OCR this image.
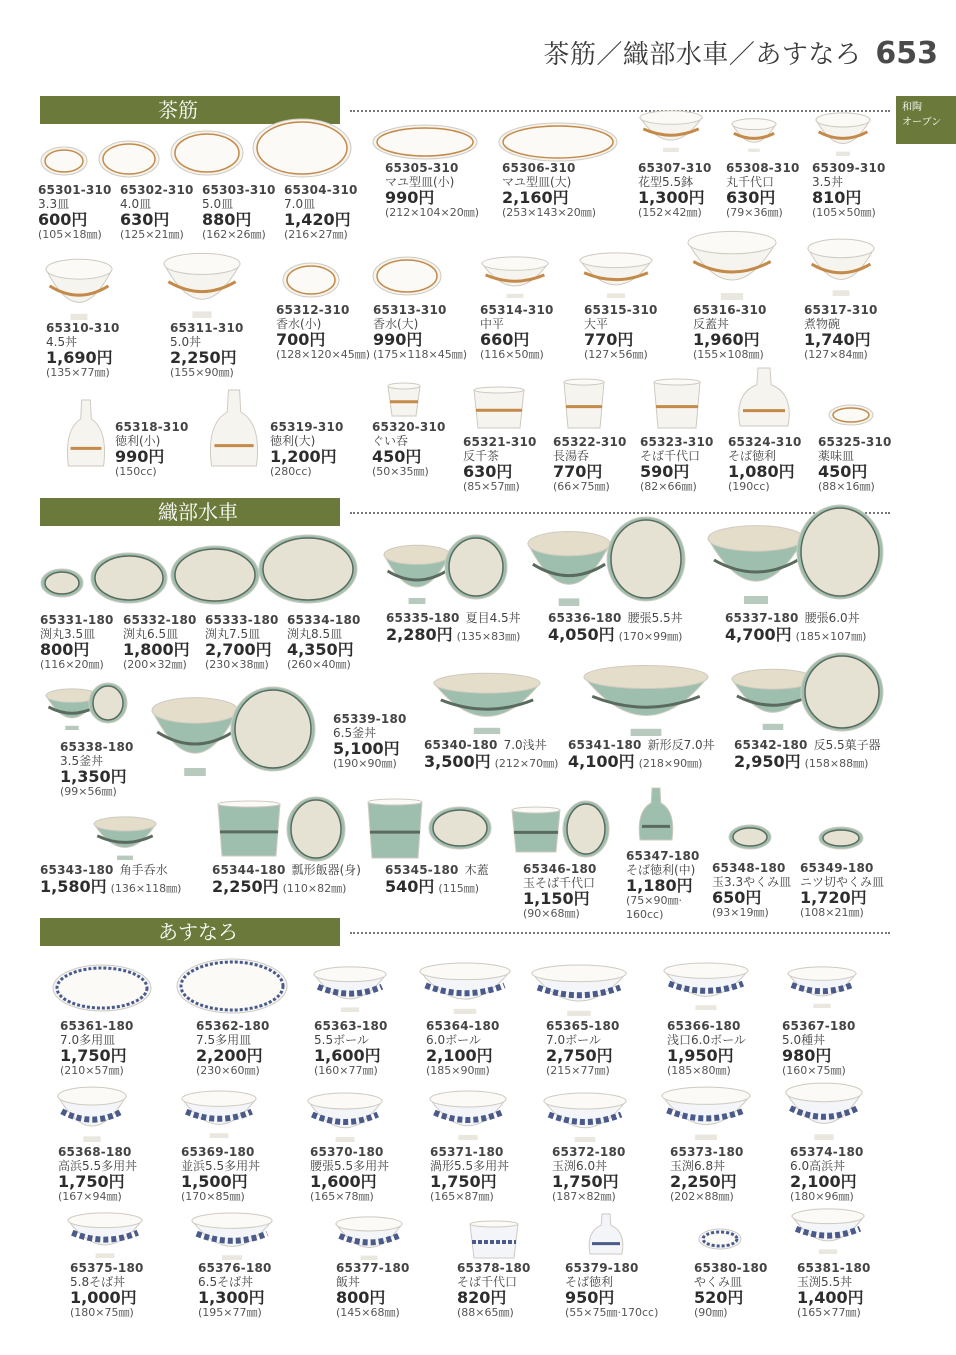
茶筋／織部水車／あすなろ 653
和陶
オーブン
茶筋
織部水車
あすなろ
65301-310
3.3皿
600円
(105×18㎜)
65302-310
4.0皿
630円
(125×21㎜)
65303-310
5.0皿
880円
(162×26㎜)
65304-310
7.0皿
1,420円
(216×27㎜)
65305-310
マユ型皿(小)
990円
(212×104×20㎜)
65306-310
マユ型皿(大)
2,160円
(253×143×20㎜)
65307-310
花型5.5鉢
1,300円
(152×42㎜)
65308-310
丸千代口
630円
(79×36㎜)
65309-310
3.5丼
810円
(105×50㎜)
65310-310
4.5丼
1,690円
(135×77㎜)
65311-310
5.0丼
2,250円
(155×90㎜)
65312-310
香水(小)
700円
(128×120×45㎜)
65313-310
香水(大)
990円
(175×118×45㎜)
65314-310
中平
660円
(116×50㎜)
65315-310
大平
770円
(127×56㎜)
65316-310
反蓋丼
1,960円
(155×108㎜)
65317-310
煮物碗
1,740円
(127×84㎜)
65318-310
徳利(小)
990円
(150cc)
65319-310
徳利(大)
1,200円
(280cc)
65320-310
ぐい呑
450円
(50×35㎜)
65321-310
反千茶
630円
(85×57㎜)
65322-310
長湯呑
770円
(66×75㎜)
65323-310
そば千代口
590円
(82×66㎜)
65324-310
そば徳利
1,080円
(190cc)
65325-310
薬味皿
450円
(88×16㎜)
65331-180
渕丸3.5皿
800円
(116×20㎜)
65332-180
渕丸6.5皿
1,800円
(200×32㎜)
65333-180
渕丸7.5皿
2,700円
(230×38㎜)
65334-180
渕丸8.5皿
4,350円
(260×40㎜)
65335-180 夏目4.5丼
2,280円 (135×83㎜)
65336-180 腰張5.5丼
4,050円 (170×99㎜)
65337-180 腰張6.0丼
4,700円 (185×107㎜)
65338-180
3.5釜丼
1,350円
(99×56㎜)
65339-180
6.5釜丼
5,100円
(190×90㎜)
65340-180 7.0浅丼
3,500円 (212×70㎜)
65341-180 新形反7.0丼
4,100円 (218×90㎜)
65342-180 反5.5菓子器
2,950円 (158×88㎜)
65343-180 角手呑水
1,580円 (136×118㎜)
65344-180 瓢形飯器(身)
2,250円 (110×82㎜)
65345-180 木蓋
540円 (115㎜)
65346-180
玉そば千代口
1,150円
(90×68㎜)
65347-180
そば徳利(中)
1,180円
(75×90㎜·
160cc)
65348-180
玉3.3やくみ皿
650円
(93×19㎜)
65349-180
ニツ切やくみ皿
1,720円
(108×21㎜)
65361-180
7.0多用皿
1,750円
(210×57㎜)
65362-180
7.5多用皿
2,200円
(230×60㎜)
65363-180
5.5ボール
1,600円
(160×77㎜)
65364-180
6.0ボール
2,100円
(185×90㎜)
65365-180
7.0ボール
2,750円
(215×77㎜)
65366-180
浅口6.0ボール
1,950円
(185×80㎜)
65367-180
5.0種丼
980円
(160×75㎜)
65368-180
高浜5.5多用丼
1,750円
(167×94㎜)
65369-180
並浜5.5多用丼
1,500円
(170×85㎜)
65370-180
腰張5.5多用丼
1,600円
(165×78㎜)
65371-180
渦形5.5多用丼
1,750円
(165×87㎜)
65372-180
玉渕6.0丼
1,750円
(187×82㎜)
65373-180
玉渕6.8丼
2,250円
(202×88㎜)
65374-180
6.0高浜丼
2,100円
(180×96㎜)
65375-180
5.8そば丼
1,000円
(180×75㎜)
65376-180
6.5そば丼
1,300円
(195×77㎜)
65377-180
飯丼
800円
(145×68㎜)
65378-180
そば千代口
820円
(88×65㎜)
65379-180
そば徳利
950円
(55×75㎜·170cc)
65380-180
やくみ皿
520円
(90㎜)
65381-180
玉渕5.5丼
1,400円
(165×77㎜)
